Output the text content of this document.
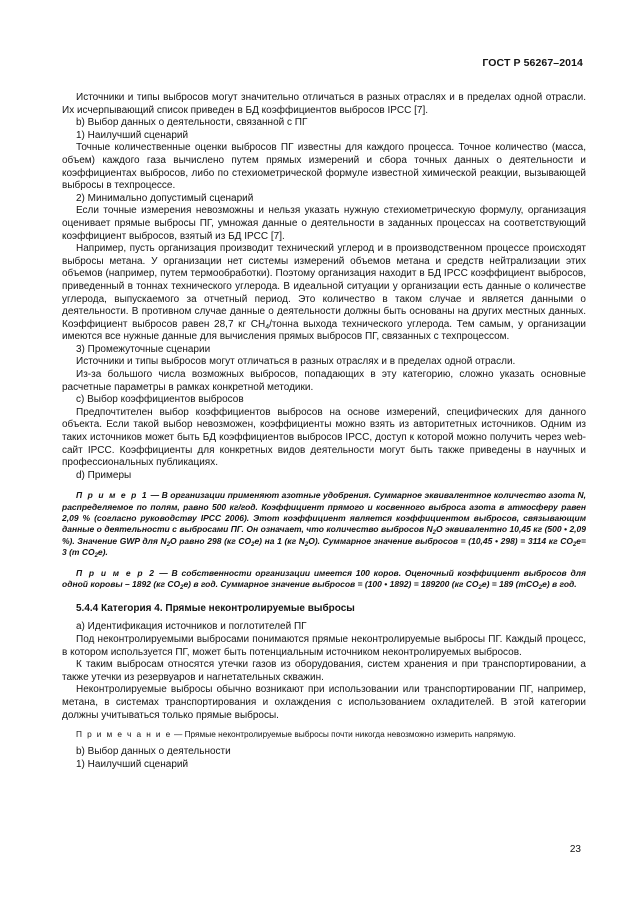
ГОСТ Р 56267–2014

Источники и типы выбросов могут значительно отличаться в разных отраслях и в пределах одной отрасли. Их исчерпывающий список приведен в БД коэффициентов выбросов IPCC [7].

b) Выбор данных о деятельности, связанной с ПГ

1) Наилучший сценарий

Точные количественные оценки выбросов ПГ известны для каждого процесса. Точное количество (масса, объем) каждого газа вычислено путем прямых измерений и сбора точных данных о деятельности и коэффициентах выбросов, либо по стехиометрической формуле известной химической реакции, вызывающей выбросы в техпроцессе.

2) Минимально допустимый сценарий

Если точные измерения невозможны и нельзя указать нужную стехиометрическую формулу, организация оценивает прямые выбросы ПГ, умножая данные о деятельности в заданных процессах на соответствующий коэффициент выбросов, взятый из БД IPCC [7].

Например, пусть организация производит технический углерод и в производственном процессе происходят выбросы метана. У организации нет системы измерений объемов метана и средств нейтрализации этих объемов (например, путем термообработки). Поэтому организация находит в БД IPCC коэффициент выбросов, приведенный в тоннах технического углерода. В идеальной ситуации у организации есть данные о количестве углерода, выпускаемого за отчетный период. Это количество в таком случае и является данными о деятельности. В противном случае данные о деятельности должны быть основаны на других местных данных. Коэффициент выбросов равен 28,7 кг $CH_4$/тонна выхода технического углерода. Тем самым, у организации имеются все нужные данные для вычисления прямых выбросов ПГ, связанных с техпроцессом.

3) Промежуточные сценарии

Источники и типы выбросов могут отличаться в разных отраслях и в пределах одной отрасли.

Из-за большого числа возможных выбросов, попадающих в эту категорию, сложно указать основные расчетные параметры в рамках конкретной методики.

c) Выбор коэффициентов выбросов

Предпочтителен выбор коэффициентов выбросов на основе измерений, специфических для данного объекта. Если такой выбор невозможен, коэффициенты можно взять из авторитетных источников. Одним из таких источников может быть БД коэффициентов выбросов IPCC, доступ к которой можно получить через web-сайт IPCC. Коэффициенты для конкретных видов деятельности могут быть также приведены в научных и профессиональных публикациях.

d) Примеры

П р и м е р 1 — В организации применяют азотные удобрения. Суммарное эквивалентное количество азота N, распределяемое по полям, равно 500 кг/год. Коэффициент прямого и косвенного выброса азота в атмосферу равен 2,09 % (согласно руководству IPCC 2006). Этот коэффициент является коэффициентом выбросов, связывающим данные о деятельности с выбросами ПГ. Он означает, что количество выбросов $N_2O$ эквивалентно 10,45 кг (500 • 2,09 %). Значение GWP для $N_2O$ равно 298 (кг $CO_2е$) на 1 (кг $N_2O$). Суммарное значение выбросов = (10,45 • 298) = 3114 кг $CO_2е= 3$ (т $CO_2е$).

П р и м е р 2 — В собственности организации имеется 100 коров. Оценочный коэффициент выбросов для одной коровы – 1892 (кг $CO_2е$) в год. Суммарное значение выбросов = (100 • 1892) = 189200 (кг $CO_2е) = 189$ (тCO$_2$е) в год.

5.4.4 Категория 4. Прямые неконтролируемые выбросы

a) Идентификация источников и поглотителей ПГ

Под неконтролируемыми выбросами понимаются прямые неконтролируемые выбросы ПГ. Каждый процесс, в котором используется ПГ, может быть потенциальным источником неконтролируемых выбросов.

К таким выбросам относятся утечки газов из оборудования, систем хранения и при транспортировании, а также утечки из резервуаров и нагнетательных скважин.

Неконтролируемые выбросы обычно возникают при использовании или транспортировании ПГ, например, метана, в системах транспортирования и охлаждения с использованием охладителей. В этой категории должны учитываться только прямые выбросы.

П р и м е ч а н и е — Прямые неконтролируемые выбросы почти никогда невозможно измерить напрямую.

b) Выбор данных о деятельности

1) Наилучший сценарий

23
